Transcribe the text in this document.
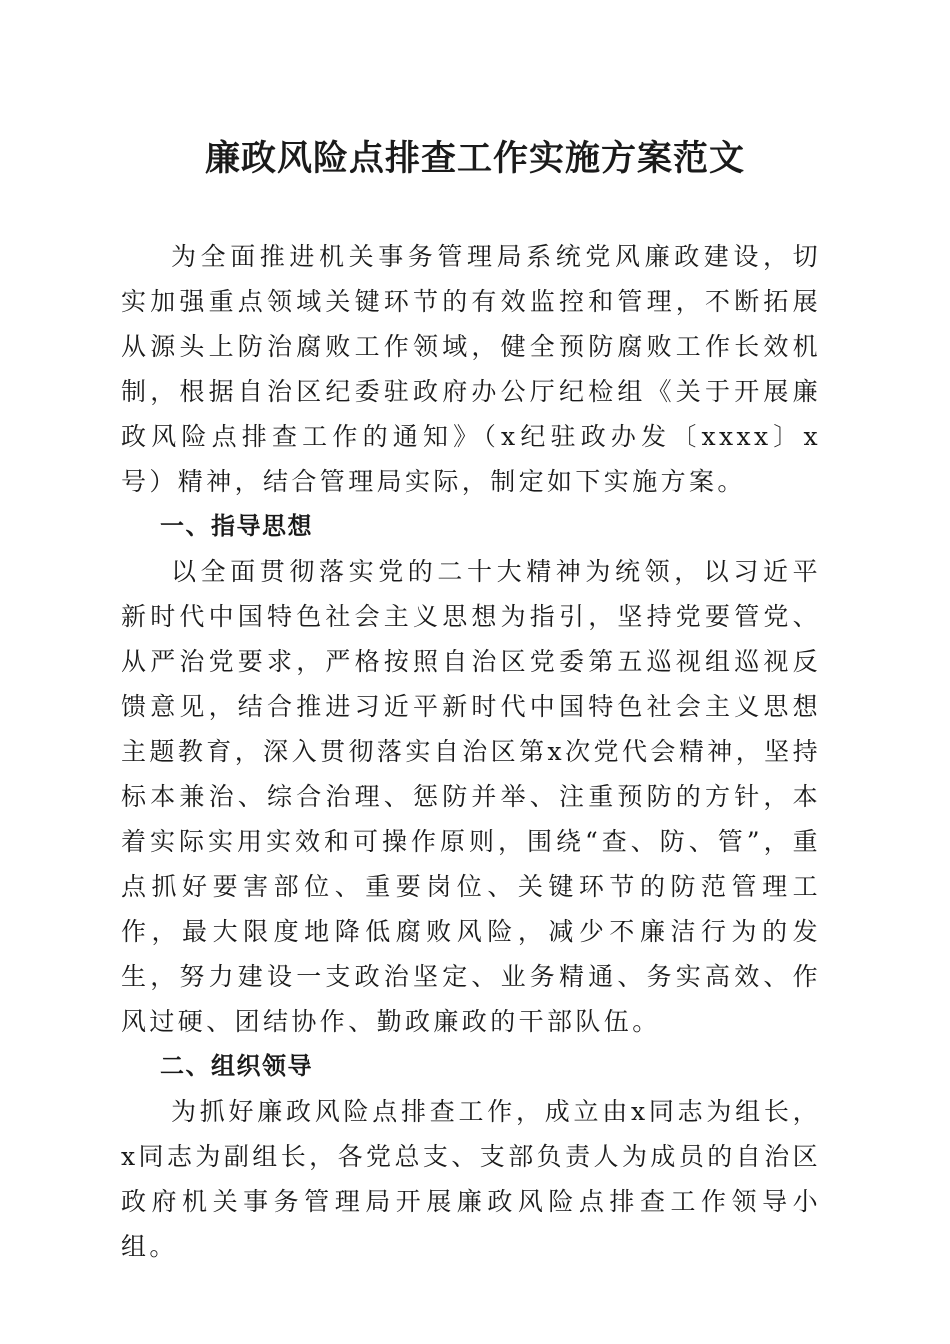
廉政风险点排查工作实施方案范文

为全面推进机关事务管理局系统党风廉政建设，切实加强重点领域关键环节的有效监控和管理，不断拓展从源头上防治腐败工作领域，健全预防腐败工作长效机制，根据自治区纪委驻政府办公厅纪检组《关于开展廉政风险点排查工作的通知》（x纪驻政办发〔xxxx〕x号）精神，结合管理局实际，制定如下实施方案。

一、指导思想

以全面贯彻落实党的二十大精神为统领，以习近平新时代中国特色社会主义思想为指引，坚持党要管党、从严治党要求，严格按照自治区党委第五巡视组巡视反馈意见，结合推进习近平新时代中国特色社会主义思想主题教育，深入贯彻落实自治区第x次党代会精神，坚持标本兼治、综合治理、惩防并举、注重预防的方针，本着实际实用实效和可操作原则，围绕“查、防、管”，重点抓好要害部位、重要岗位、关键环节的防范管理工作，最大限度地降低腐败风险，减少不廉洁行为的发生，努力建设一支政治坚定、业务精通、务实高效、作风过硬、团结协作、勤政廉政的干部队伍。

二、组织领导

为抓好廉政风险点排查工作，成立由x同志为组长，x同志为副组长，各党总支、支部负责人为成员的自治区政府机关事务管理局开展廉政风险点排查工作领导小组。
